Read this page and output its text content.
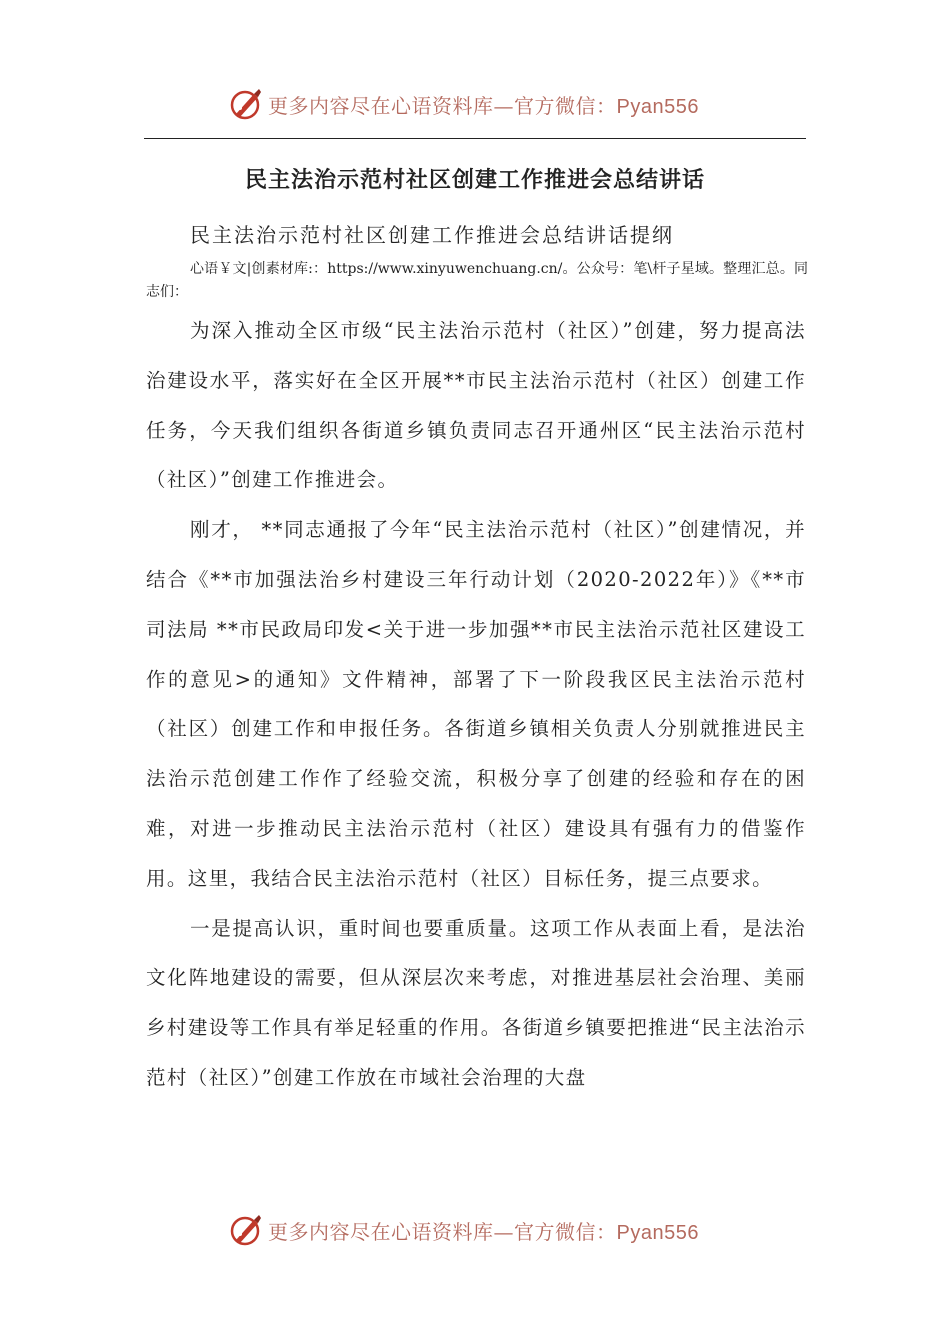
更多内容尽在心语资料库—官方微信：Pyan556
民主法治示范村社区创建工作推进会总结讲话
民主法治示范村社区创建工作推进会总结讲话提纲
心语￥文|创素材库:：https://www.xinyuwenchuang.cn/。公众号：笔\杆子星域。整理汇总。同志们：

为深入推动全区市级“民主法治示范村（社区）”创建，努力提高法治建设水平，落实好在全区开展**市民主法治示范村（社区）创建工作任务，今天我们组织各街道乡镇负责同志召开通州区“民主法治示范村（社区）”创建工作推进会。

刚才， **同志通报了今年“民主法治示范村（社区）”创建情况，并结合《**市加强法治乡村建设三年行动计划（2020-2022年）》《**市司法局 **市民政局印发<关于进一步加强**市民主法治示范社区建设工作的意见>的通知》文件精神，部署了下一阶段我区民主法治示范村（社区）创建工作和申报任务。各街道乡镇相关负责人分别就推进民主法治示范创建工作作了经验交流，积极分享了创建的经验和存在的困难，对进一步推动民主法治示范村（社区）建设具有强有力的借鉴作用。这里，我结合民主法治示范村（社区）目标任务，提三点要求。

一是提高认识，重时间也要重质量。这项工作从表面上看，是法治文化阵地建设的需要，但从深层次来考虑，对推进基层社会治理、美丽乡村建设等工作具有举足轻重的作用。各街道乡镇要把推进“民主法治示范村（社区）”创建工作放在市域社会治理的大盘

更多内容尽在心语资料库—官方微信：Pyan556
